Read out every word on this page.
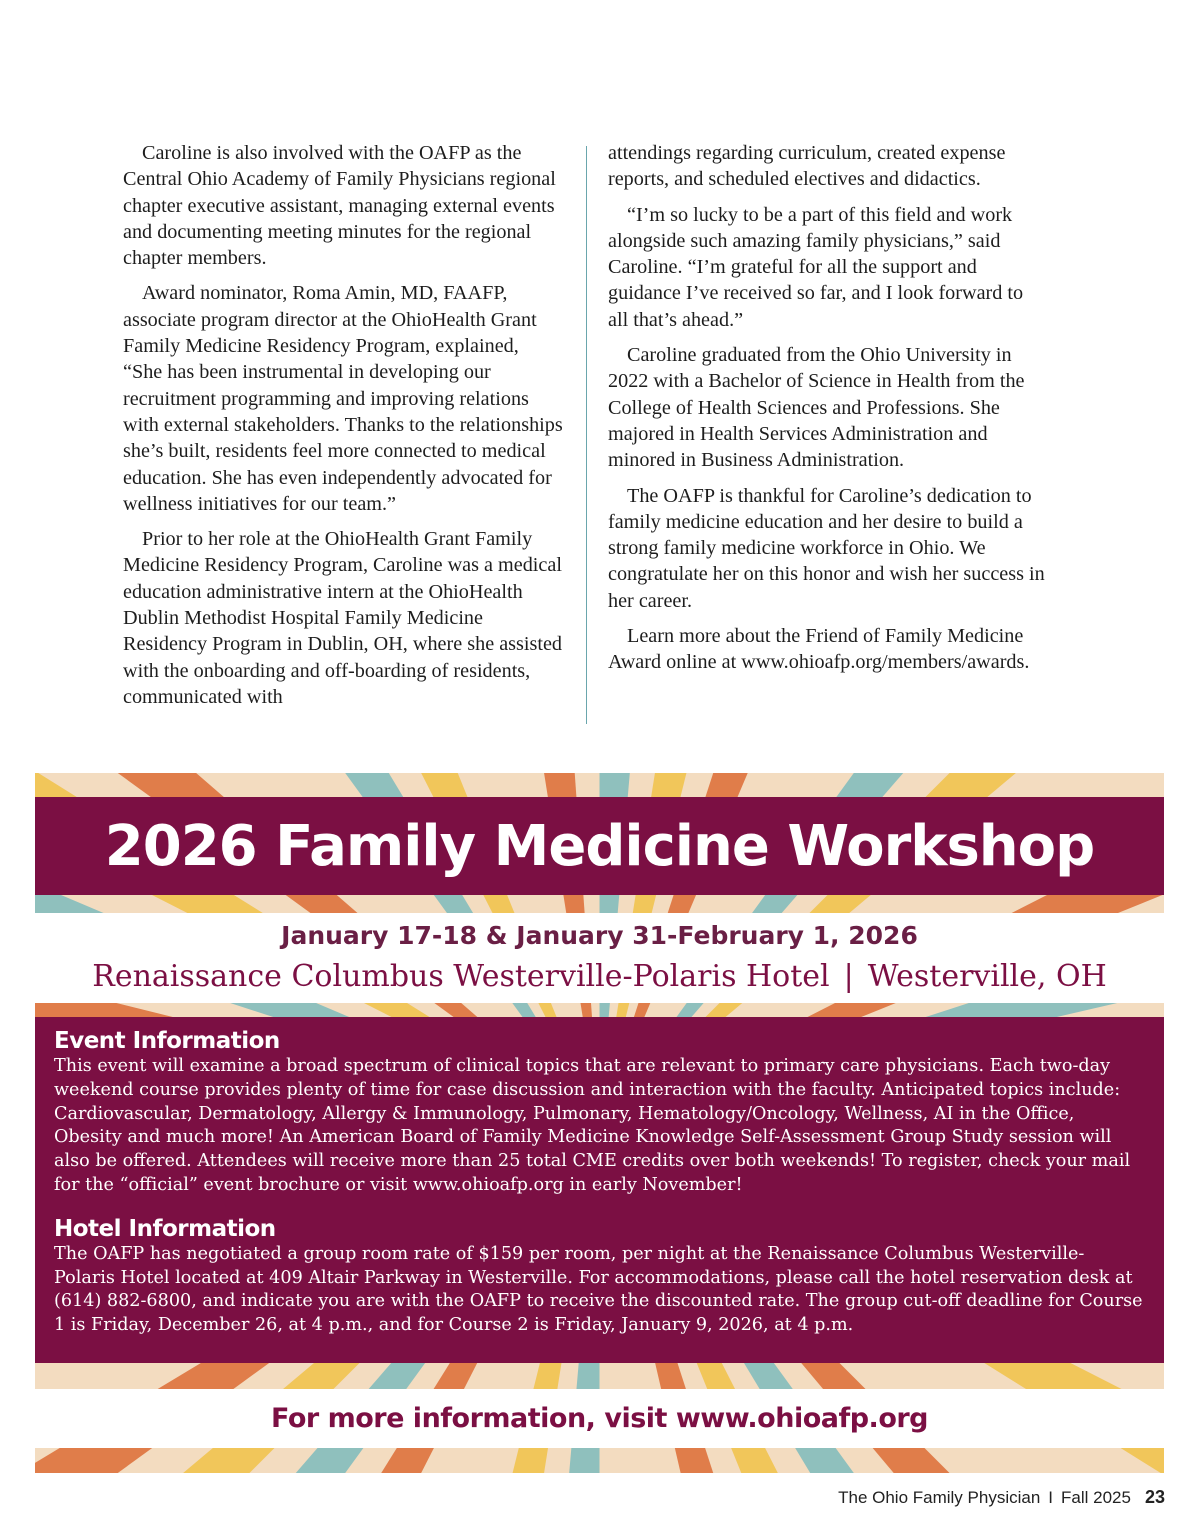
Caroline is also involved with the OAFP as the Central Ohio Academy of Family Physicians regional chapter executive assistant, managing external events and documenting meeting minutes for the regional chapter members.

Award nominator, Roma Amin, MD, FAAFP, associate program director at the OhioHealth Grant Family Medicine Residency Program, explained, “She has been instrumental in developing our recruitment programming and improving relations with external stakeholders. Thanks to the relationships she’s built, residents feel more connected to medical education. She has even independently advocated for wellness initiatives for our team.”

Prior to her role at the OhioHealth Grant Family Medicine Residency Program, Caroline was a medical education administrative intern at the OhioHealth Dublin Methodist Hospital Family Medicine Residency Program in Dublin, OH, where she assisted with the onboarding and off-boarding of residents, communicated with

attendings regarding curriculum, created expense reports, and scheduled electives and didactics.

“I’m so lucky to be a part of this field and work alongside such amazing family physicians,” said Caroline. “I’m grateful for all the support and guidance I’ve received so far, and I look forward to all that’s ahead.”

Caroline graduated from the Ohio University in 2022 with a Bachelor of Science in Health from the College of Health Sciences and Professions. She majored in Health Services Administration and minored in Business Administration.

The OAFP is thankful for Caroline’s dedication to family medicine education and her desire to build a strong family medicine workforce in Ohio. We congratulate her on this honor and wish her success in her career.

Learn more about the Friend of Family Medicine Award online at www.ohioafp.org/members/awards.

2026 Family Medicine Workshop
January 17-18 & January 31-February 1, 2026
Renaissance Columbus Westerville-Polaris Hotel | Westerville, OH
Event Information

This event will examine a broad spectrum of clinical topics that are relevant to primary care physicians. Each two-day weekend course provides plenty of time for case discussion and interaction with the faculty. Anticipated topics include: Cardiovascular, Dermatology, Allergy & Immunology, Pulmonary, Hematology/Oncology, Wellness, AI in the Office, Obesity and much more! An American Board of Family Medicine Knowledge Self-Assessment Group Study session will also be offered. Attendees will receive more than 25 total CME credits over both weekends! To register, check your mail for the “official” event brochure or visit www.ohioafp.org in early November!

Hotel Information

The OAFP has negotiated a group room rate of $159 per room, per night at the Renaissance Columbus Westerville-Polaris Hotel located at 409 Altair Parkway in Westerville. For accommodations, please call the hotel reservation desk at (614) 882-6800, and indicate you are with the OAFP to receive the discounted rate. The group cut-off deadline for Course 1 is Friday, December 26, at 4 p.m., and for Course 2 is Friday, January 9, 2026, at 4 p.m.

For more information, visit www.ohioafp.org
The Ohio Family Physician I Fall 2025 23
